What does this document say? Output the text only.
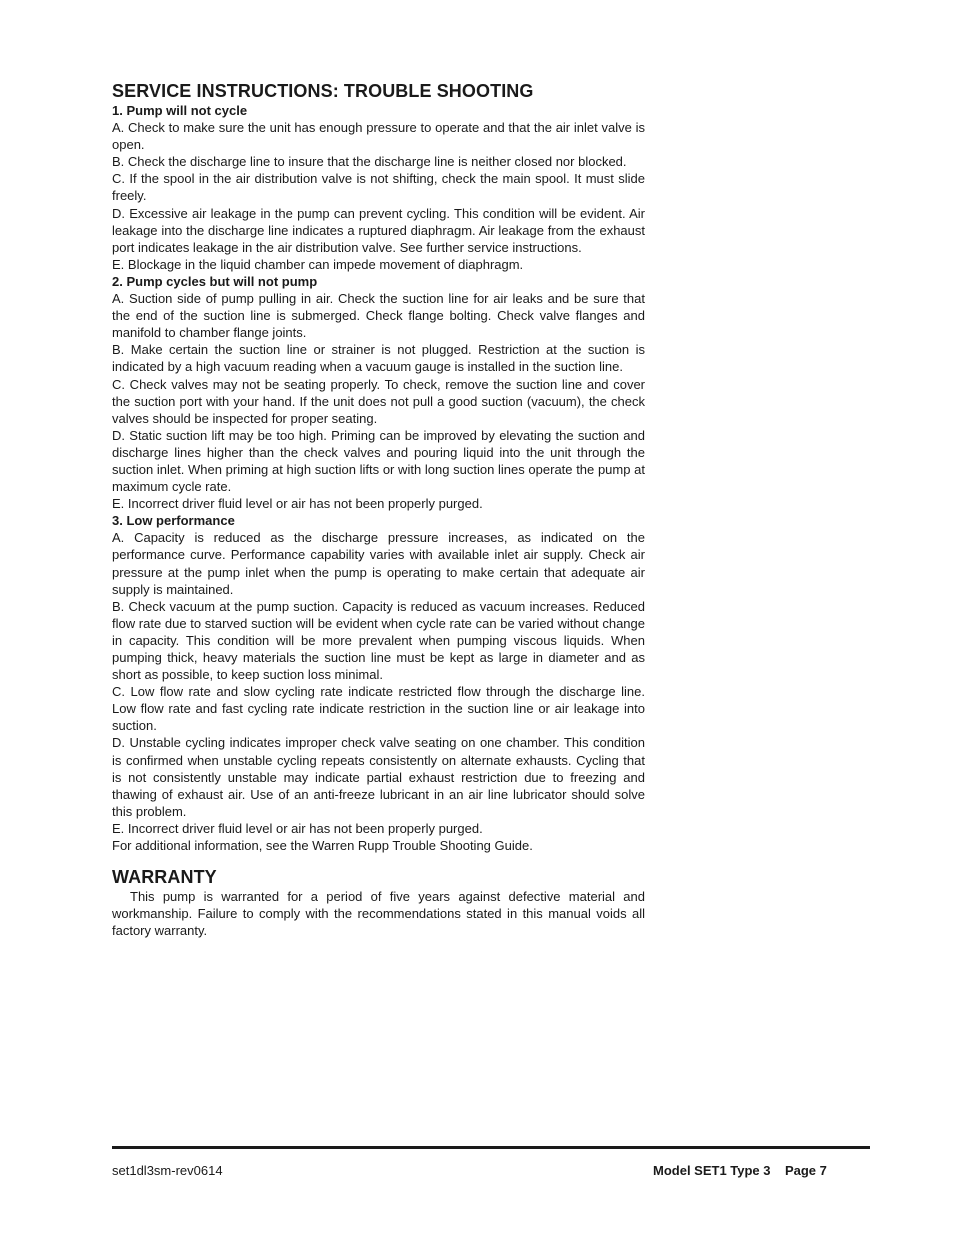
SERVICE INSTRUCTIONS: TROUBLE SHOOTING
1. Pump will not cycle

A. Check to make sure the unit has enough pressure to operate and that the air inlet valve is open.

B. Check the discharge line to insure that the discharge line is neither closed nor blocked.

C. If the spool in the air distribution valve is not shifting, check the main spool. It must slide freely.

D. Excessive air leakage in the pump can prevent cycling. This condition will be evident. Air leakage into the discharge line indicates a ruptured diaphragm. Air leakage from the exhaust port indicates leakage in the air distribution valve. See further service instructions.

E. Blockage in the liquid chamber can impede movement of diaphragm.

2. Pump cycles but will not pump

A. Suction side of pump pulling in air. Check the suction line for air leaks and be sure that the end of the suction line is submerged. Check flange bolting. Check valve flanges and manifold to chamber flange joints.

B. Make certain the suction line or strainer is not plugged. Restriction at the suction is indicated by a high vacuum reading when a vacuum gauge is installed in the suction line.

C. Check valves may not be seating properly. To check, remove the suction line and cover the suction port with your hand. If the unit does not pull a good suction (vacuum), the check valves should be inspected for proper seating.

D. Static suction lift may be too high. Priming can be improved by elevating the suction and discharge lines higher than the check valves and pouring liquid into the unit through the suction inlet. When priming at high suction lifts or with long suction lines operate the pump at maximum cycle rate.

E. Incorrect driver fluid level or air has not been properly purged.

3. Low performance

A. Capacity is reduced as the discharge pressure increases, as indicated on the performance curve. Performance capability varies with available inlet air supply. Check air pressure at the pump inlet when the pump is operating to make certain that adequate air supply is maintained.

B. Check vacuum at the pump suction. Capacity is reduced as vacuum increases. Reduced flow rate due to starved suction will be evident when cycle rate can be varied without change in capacity. This condition will be more prevalent when pumping viscous liquids. When pumping thick, heavy materials the suction line must be kept as large in diameter and as short as possible, to keep suction loss minimal.

C. Low flow rate and slow cycling rate indicate restricted flow through the discharge line. Low flow rate and fast cycling rate indicate restriction in the suction line or air leakage into suction.

D. Unstable cycling indicates improper check valve seating on one chamber. This condition is confirmed when unstable cycling repeats consistently on alternate exhausts. Cycling that is not consistently unstable may indicate partial exhaust restriction due to freezing and thawing of exhaust air. Use of an anti-freeze lubricant in an air line lubricator should solve this problem.

E. Incorrect driver fluid level or air has not been properly purged.

For additional information, see the Warren Rupp Trouble Shooting Guide.

WARRANTY

This pump is warranted for a period of five years against defective material and workmanship. Failure to comply with the recommendations stated in this manual voids all factory warranty.

set1dl3sm-rev0614	Model SET1 Type 3 Page 7
